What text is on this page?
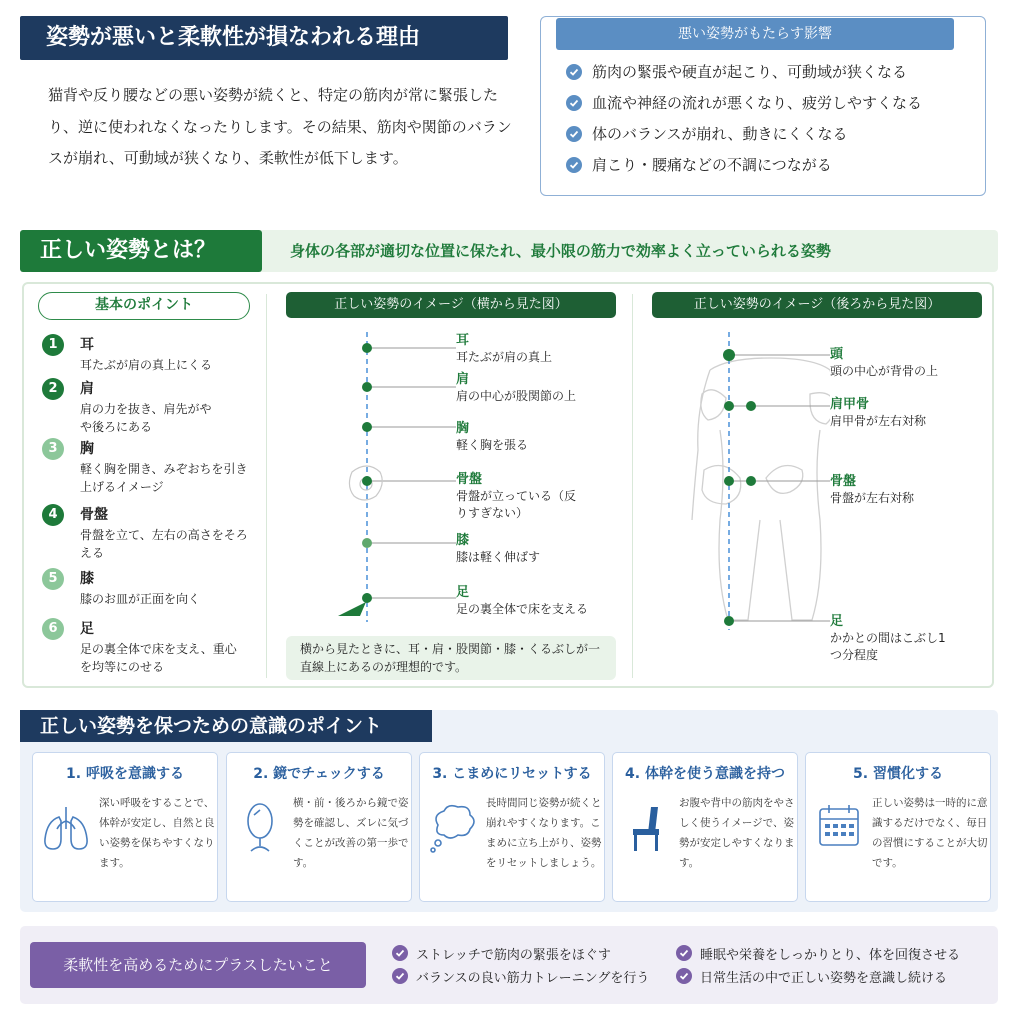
姿勢が悪いと柔軟性が損なわれる理由
猫背や反り腰などの悪い姿勢が続くと、特定の筋肉が常に緊張したり、逆に使われなくなったりします。その結果、筋肉や関節のバランスが崩れ、可動域が狭くなり、柔軟性が低下します。
悪い姿勢がもたらす影響
筋肉の緊張や硬直が起こり、可動域が狭くなる
血流や神経の流れが悪くなり、疲労しやすくなる
体のバランスが崩れ、動きにくくなる
肩こり・腰痛などの不調につながる
正しい姿勢とは？	身体の各部が適切な位置に保たれ、最小限の筋力で効率よく立っていられる姿勢
基本のポイント
1	耳
耳たぶが肩の真上にくる
2	肩
肩の力を抜き、肩先がやや後ろにある
3	胸
軽く胸を開き、みぞおちを引き上げるイメージ
4	骨盤
骨盤を立て、左右の高さをそろえる
5	膝
膝のお皿が正面を向く
6	足
足の裏全体で床を支え、重心を均等にのせる
正しい姿勢のイメージ（横から見た図）
耳
耳たぶが肩の真上
肩
肩の中心が股関節の上
胸
軽く胸を張る
骨盤
骨盤が立っている（反りすぎない）
膝
膝は軽く伸ばす
足
足の裏全体で床を支える
横から見たときに、耳・肩・股関節・膝・くるぶしが一直線上にあるのが理想的です。
正しい姿勢のイメージ（後ろから見た図）
頭
頭の中心が背骨の上
肩甲骨
肩甲骨が左右対称
骨盤
骨盤が左右対称
足
かかとの間はこぶし1つ分程度
正しい姿勢を保つための意識のポイント
1. 呼吸を意識する
深い呼吸をすることで、体幹が安定し、自然と良い姿勢を保ちやすくなります。
2. 鏡でチェックする
横・前・後ろから鏡で姿勢を確認し、ズレに気づくことが改善の第一歩です。
3. こまめにリセットする
長時間同じ姿勢が続くと崩れやすくなります。こまめに立ち上がり、姿勢をリセットしましょう。
4. 体幹を使う意識を持つ
お腹や背中の筋肉をやさしく使うイメージで、姿勢が安定しやすくなります。
5. 習慣化する
正しい姿勢は一時的に意識するだけでなく、毎日の習慣にすることが大切です。
柔軟性を高めるためにプラスしたいこと
ストレッチで筋肉の緊張をほぐす
バランスの良い筋力トレーニングを行う
睡眠や栄養をしっかりとり、体を回復させる
日常生活の中で正しい姿勢を意識し続ける
